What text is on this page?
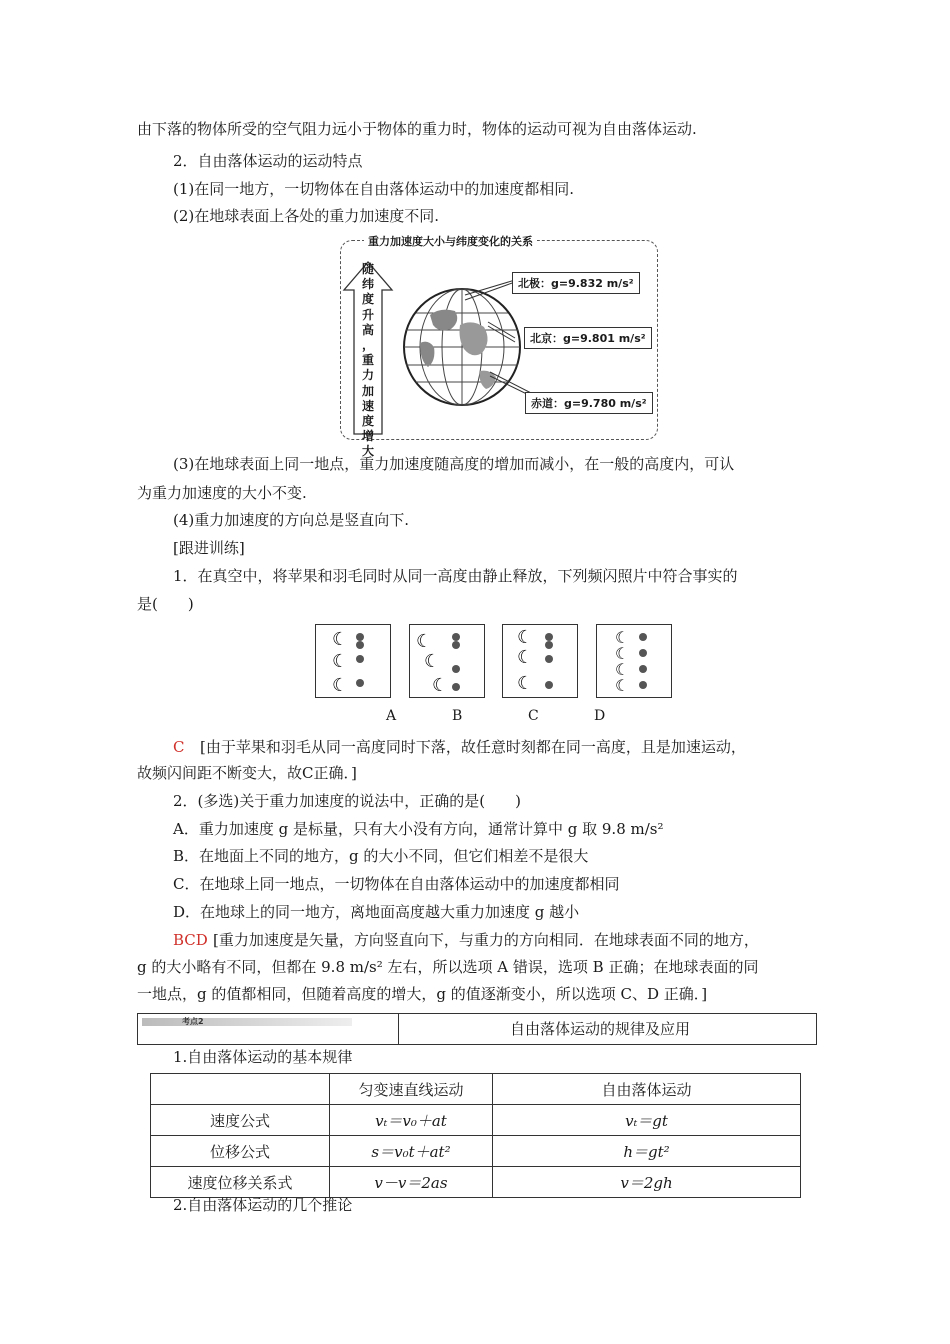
由下落的物体所受的空气阻力远小于物体的重力时，物体的运动可视为自由落体运动.
2．自由落体运动的运动特点
(1)在同一地方，一切物体在自由落体运动中的加速度都相同.
(2)在地球表面上各处的重力加速度不同.
重力加速度大小与纬度变化的关系
随
纬
度
升
高
，
重
力
加
速
度
增
大
北极：g=9.832 m/s²
北京：g=9.801 m/s²
赤道：g=9.780 m/s²
(3)在地球表面上同一地点，重力加速度随高度的增加而减小，在一般的高度内，可认
为重力加速度的大小不变.
(4)重力加速度的方向总是竖直向下.
[跟进训练]
1．在真空中，将苹果和羽毛同时从同一高度由静止释放，下列频闪照片中符合事实的
是(　　)
☾
☾
☾
☾
☾
☾
☾
☾
☾
☾
☾
☾
☾
A	B	C	D
C [由于苹果和羽毛从同一高度同时下落，故任意时刻都在同一高度，且是加速运动，
故频闪间距不断变大，故C正确．]
2．(多选)关于重力加速度的说法中，正确的是(　　)
A．重力加速度 g 是标量，只有大小没有方向，通常计算中 g 取 9.8 m/s²
B．在地面上不同的地方，g 的大小不同，但它们相差不是很大
C．在地球上同一地点，一切物体在自由落体运动中的加速度都相同
D．在地球上的同一地方，离地面高度越大重力加速度 g 越小
BCD [重力加速度是矢量，方向竖直向下，与重力的方向相同．在地球表面不同的地方，
g 的大小略有不同，但都在 9.8 m/s² 左右，所以选项 A 错误，选项 B 正确；在地球表面的同
一地点，g 的值都相同，但随着高度的增大，g 的值逐渐变小，所以选项 C、D 正确．]
考点2	自由落体运动的规律及应用
1.自由落体运动的基本规律
	匀变速直线运动	自由落体运动
速度公式	vₜ＝v₀＋at	vₜ＝gt
位移公式	s＝v₀t＋at²	h＝gt²
速度位移关系式	v－v＝2as	v＝2gh
2.自由落体运动的几个推论
